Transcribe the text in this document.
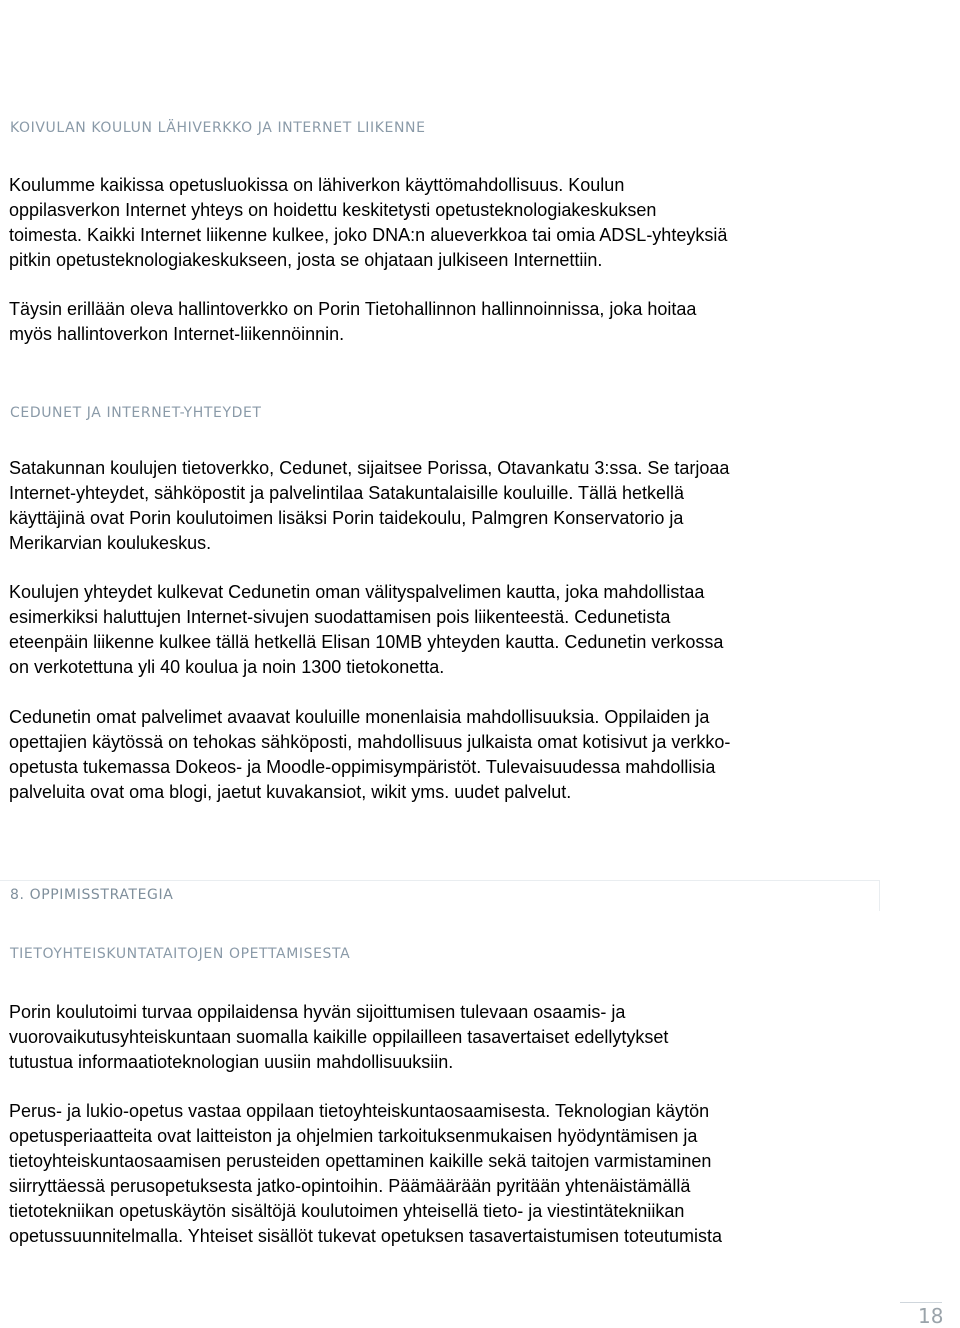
KOIVULAN KOULUN LÄHIVERKKO JA INTERNET LIIKENNE
Koulumme kaikissa opetusluokissa on lähiverkon käyttömahdollisuus. Koulun
oppilasverkon Internet yhteys on hoidettu keskitetysti opetusteknologiakeskuksen
toimesta. Kaikki Internet liikenne kulkee, joko DNA:n alueverkkoa tai omia ADSL-yhteyksiä
pitkin opetusteknologiakeskukseen, josta se ohjataan julkiseen Internettiin.
Täysin erillään oleva hallintoverkko on Porin Tietohallinnon hallinnoinnissa, joka hoitaa
myös hallintoverkon Internet-liikennöinnin.
CEDUNET JA INTERNET-YHTEYDET
Satakunnan koulujen tietoverkko, Cedunet, sijaitsee Porissa, Otavankatu 3:ssa. Se tarjoaa
Internet-yhteydet, sähköpostit ja palvelintilaa Satakuntalaisille kouluille. Tällä hetkellä
käyttäjinä ovat Porin koulutoimen lisäksi Porin taidekoulu, Palmgren Konservatorio ja
Merikarvian koulukeskus.
Koulujen yhteydet kulkevat Cedunetin oman välityspalvelimen kautta, joka mahdollistaa
esimerkiksi haluttujen Internet-sivujen suodattamisen pois liikenteestä. Cedunetista
eteenpäin liikenne kulkee tällä hetkellä Elisan 10MB yhteyden kautta. Cedunetin verkossa
on verkotettuna yli 40 koulua ja noin 1300 tietokonetta.
Cedunetin omat palvelimet avaavat kouluille monenlaisia mahdollisuuksia. Oppilaiden ja
opettajien käytössä on tehokas sähköposti, mahdollisuus julkaista omat kotisivut ja verkko-
opetusta tukemassa Dokeos- ja Moodle-oppimisympäristöt. Tulevaisuudessa mahdollisia
palveluita ovat oma blogi, jaetut kuvakansiot, wikit yms. uudet palvelut.
8. OPPIMISSTRATEGIA
TIETOYHTEISKUNTATAITOJEN OPETTAMISESTA
Porin koulutoimi turvaa oppilaidensa hyvän sijoittumisen tulevaan osaamis- ja
vuorovaikutusyhteiskuntaan suomalla kaikille oppilailleen tasavertaiset edellytykset
tutustua informaatioteknologian uusiin mahdollisuuksiin.
Perus- ja lukio-opetus vastaa oppilaan tietoyhteiskuntaosaamisesta. Teknologian käytön
opetusperiaatteita ovat laitteiston ja ohjelmien tarkoituksenmukaisen hyödyntämisen ja
tietoyhteiskuntaosaamisen perusteiden opettaminen kaikille sekä taitojen varmistaminen
siirryttäessä perusopetuksesta jatko-opintoihin. Päämäärään pyritään yhtenäistämällä
tietotekniikan opetuskäytön sisältöjä koulutoimen yhteisellä tieto- ja viestintätekniikan
opetussuunnitelmalla. Yhteiset sisällöt tukevat opetuksen tasavertaistumisen toteutumista
18
